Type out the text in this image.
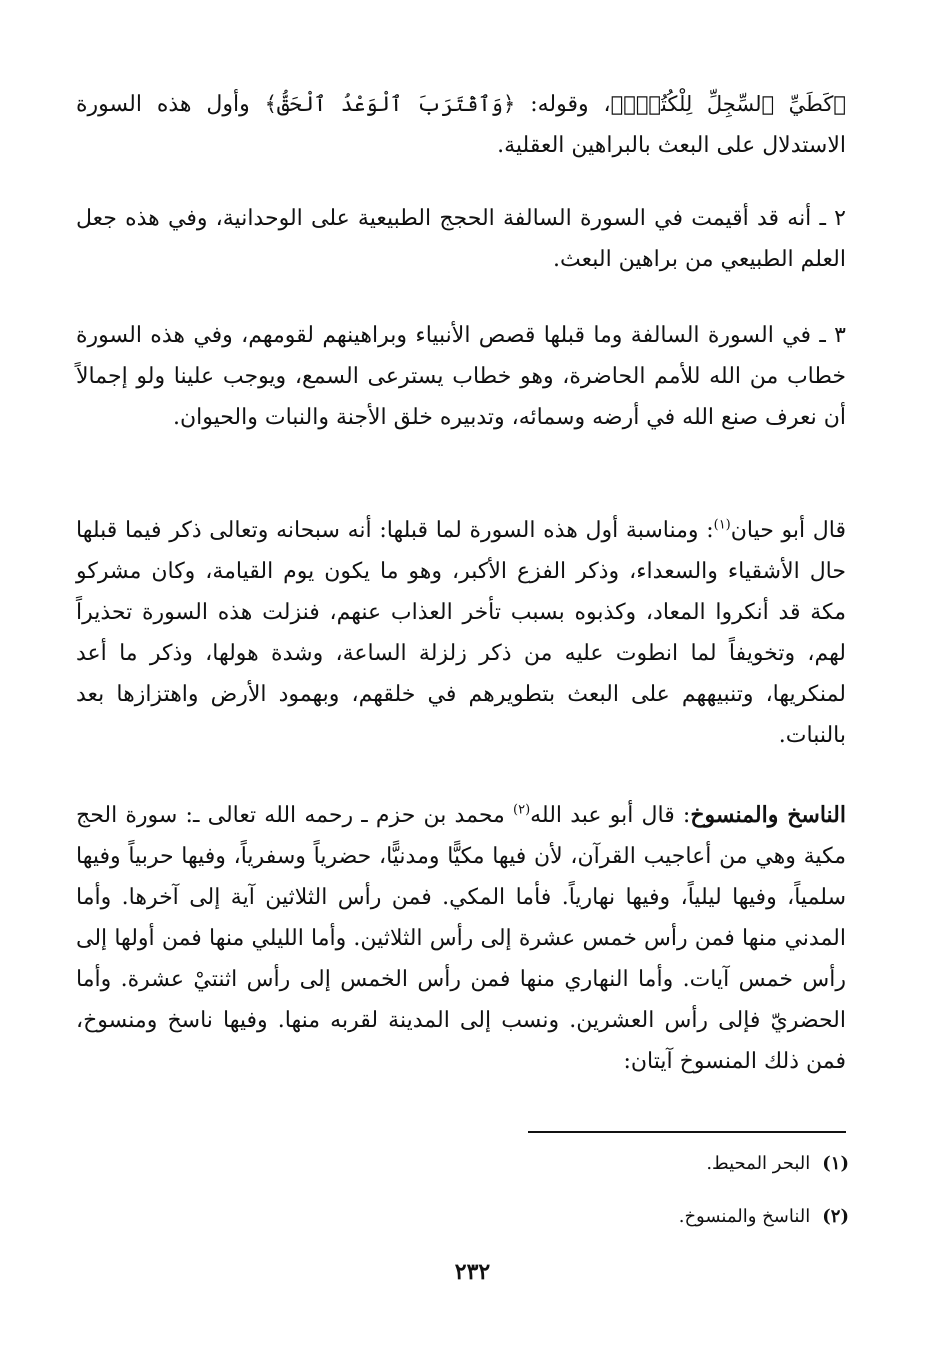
﴿كَطَيِّ ٱلسِّجِلِّ لِلْكُتُبِۚ﴾، وقوله: ﴿وَٱقْتَرَبَ ٱلْوَعْدُ ٱلْحَقُّ﴾ وأول هذه السورة الاستدلال على البعث بالبراهين العقلية.

٢ ـ أنه قد أقيمت في السورة السالفة الحجج الطبيعية على الوحدانية، وفي هذه جعل العلم الطبيعي من براهين البعث.

٣ ـ في السورة السالفة وما قبلها قصص الأنبياء وبراهينهم لقومهم، وفي هذه السورة خطاب من الله للأمم الحاضرة، وهو خطاب يسترعى السمع، ويوجب علينا ولو إجمالاً أن نعرف صنع الله في أرضه وسمائه، وتدبيره خلق الأجنة والنبات والحيوان.

قال أبو حيان$^{(١)}$: ومناسبة أول هذه السورة لما قبلها: أنه سبحانه وتعالى ذكر فيما قبلها حال الأشقياء والسعداء، وذكر الفزع الأكبر، وهو ما يكون يوم القيامة، وكان مشركو مكة قد أنكروا المعاد، وكذبوه بسبب تأخر العذاب عنهم، فنزلت هذه السورة تحذيراً لهم، وتخويفاً لما انطوت عليه من ذكر زلزلة الساعة، وشدة هولها، وذكر ما أعد لمنكريها، وتنبيههم على البعث بتطويرهم في خلقهم، وبهمود الأرض واهتزازها بعد بالنبات.

الناسخ والمنسوخ: قال أبو عبد الله$^{(٢)}$ محمد بن حزم ـ رحمه الله تعالى ـ: سورة الحج مكية وهي من أعاجيب القرآن، لأن فيها مكيًّا ومدنيًّا، حضرياً وسفرياً، وفيها حربياً وفيها سلمياً، وفيها ليلياً، وفيها نهارياً. فأما المكي. فمن رأس الثلاثين آية إلى آخرها. وأما المدني منها فمن رأس خمس عشرة إلى رأس الثلاثين. وأما الليلي منها فمن أولها إلى رأس خمس آيات. وأما النهاري منها فمن رأس الخمس إلى رأس اثنتيْ عشرة. وأما الحضريّ فإلى رأس العشرين. ونسب إلى المدينة لقربه منها. وفيها ناسخ ومنسوخ، فمن ذلك المنسوخ آيتان:

(١)البحر المحيط.
(٢)الناسخ والمنسوخ.
٢٣٢
